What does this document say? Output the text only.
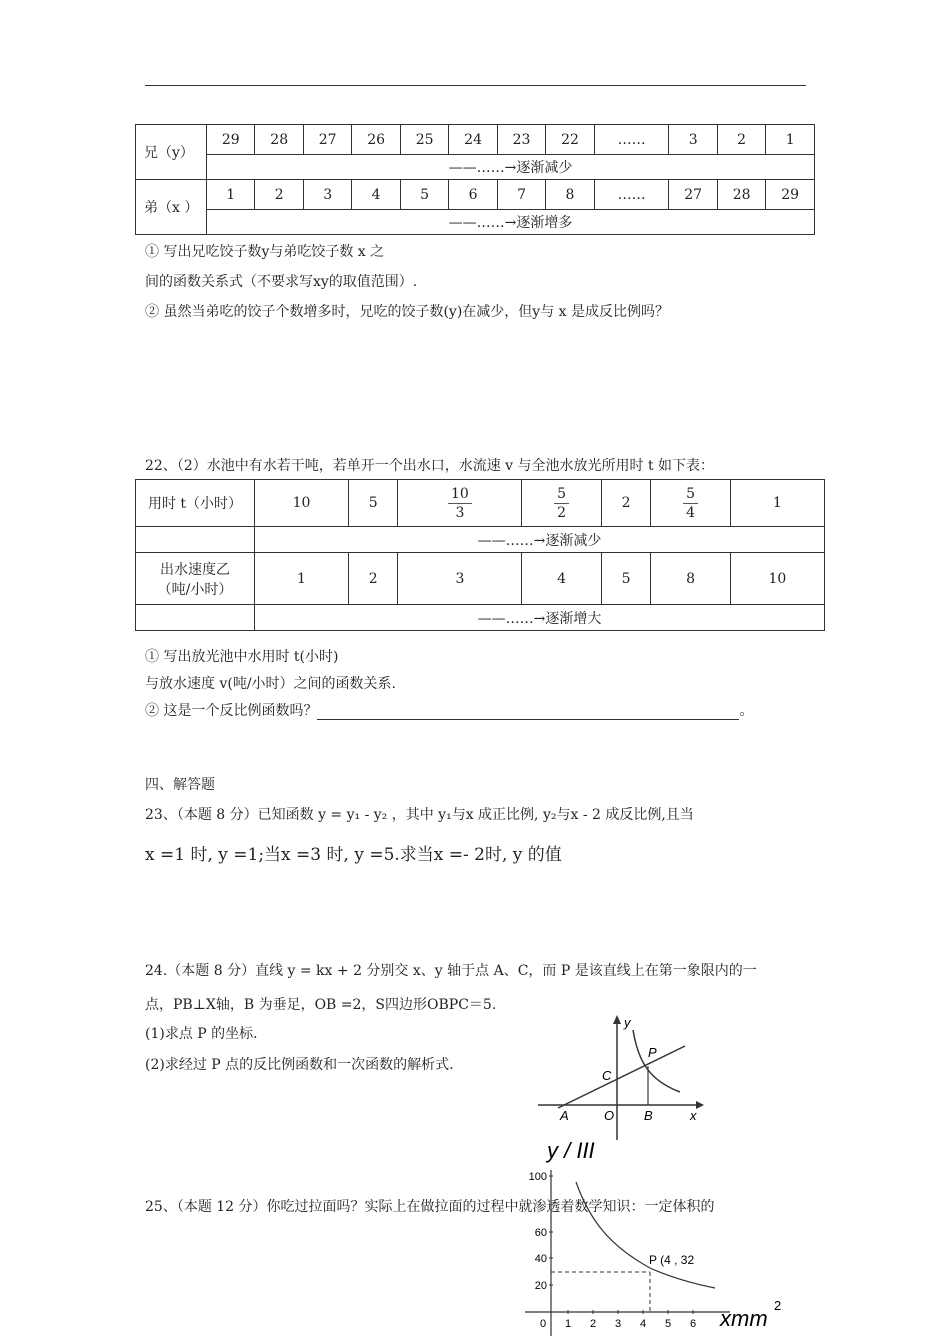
兄（y）	29	28	27	26	25	24	23	22	……	3	2	1
	——……→逐渐减少											
弟（x ）	1	2	3	4	5	6	7	8	……	27	28	29
	——……→逐渐增多											
① 写出兄吃饺子数y与弟吃饺子数 x 之
间的函数关系式（不要求写xy的取值范围）.
② 虽然当弟吃的饺子个数增多时，兄吃的饺子数(y)在减少，但y与 x 是成反比例吗？
22、（2）水池中有水若干吨，若单开一个出水口，水流速 v 与全池水放光所用时 t 如下表：
用时 t（小时）	10	5	$\frac{10}{3}$	$\frac{5}{2}$	2	$\frac{5}{4}$	1
	——……→逐渐减少						

出水速度乙
（吨/小时）	1	2	3	4	5	8	10
	——……→逐渐增大						
① 写出放光池中水用时 t(小时)
与放水速度 v(吨/小时）之间的函数关系.
② 这是一个反比例函数吗？	。
四、解答题
23、（本题 8 分）已知函数 y = y₁ - y₂ ，其中 y₁与x 成正比例, y₂与x - 2 成反比例,且当
x =1 时, y =1;当x =3 时, y =5.求当x =- 2时, y 的值
24.（本题 8 分）直线 y = kx + 2 分别交 x、y 轴于点 A、C，而 P 是该直线上在第一象限内的一
点，PB⊥X轴，B 为垂足，OB =2，S四边形OBPC＝5.
(1)求点 P 的坐标.
(2)求经过 P 点的反比例函数和一次函数的解析式.
y
x
A	O B
C
P
25、（本题 12 分）你吃过拉面吗？实际上在做拉面的过程中就渗透着数学知识：一定体积的
y / III
100
60
40
20
0 1 2 3 4 5 6
P (4 , 32
xmm
2
